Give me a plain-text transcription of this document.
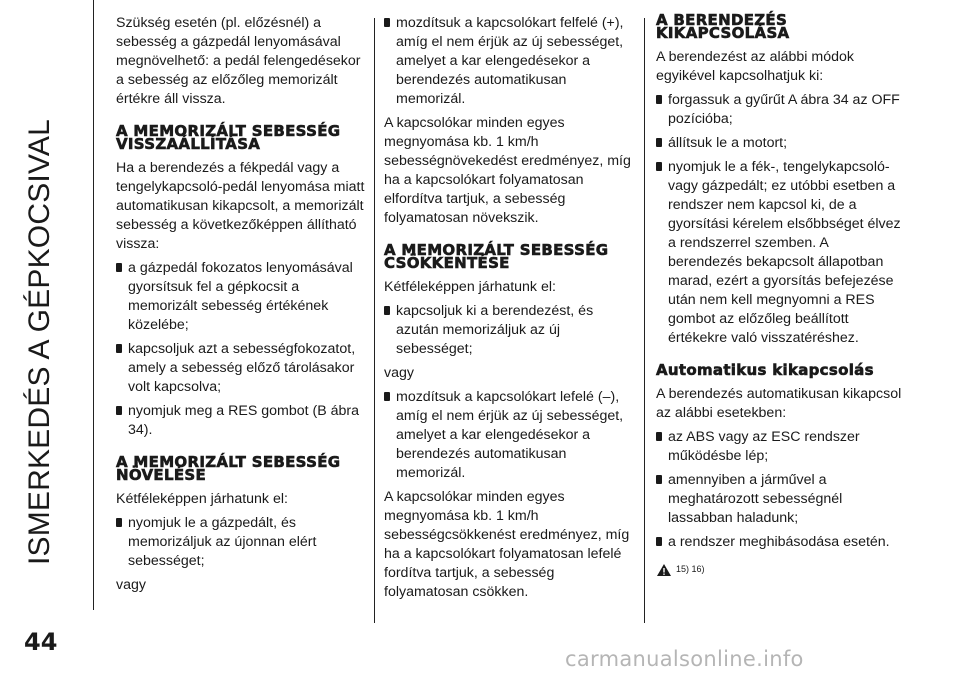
ISMERKEDÉS A GÉPKOCSIVAL
44
carmanualsonline.info

Szükség esetén (pl. előzésnél) a sebesség a gázpedál lenyomásával megnövelhető: a pedál felengedésekor a sebesség az előzőleg memorizált értékre áll vissza.

A MEMORIZÁLT SEBESSÉG VISSZAÁLLÍTÁSA

Ha a berendezés a fékpedál vagy a tengelykapcsoló-pedál lenyomása miatt automatikusan kikapcsolt, a memorizált sebesség a következőképpen állítható vissza:

a gázpedál fokozatos lenyomásával gyorsítsuk fel a gépkocsit a memorizált sebesség értékének közelébe;
kapcsoljuk azt a sebességfokozatot, amely a sebesség előző tárolásakor volt kapcsolva;
nyomjuk meg a RES gombot (B ábra 34).
A MEMORIZÁLT SEBESSÉG NÖVELÉSE

Kétféleképpen járhatunk el:

nyomjuk le a gázpedált, és memorizáljuk az újonnan elért sebességet;

vagy

mozdítsuk a kapcsolókart felfelé (+), amíg el nem érjük az új sebességet, amelyet a kar elengedésekor a berendezés automatikusan memorizál.

A kapcsolókar minden egyes megnyomása kb. 1 km/h sebességnövekedést eredményez, míg ha a kapcsolókart folyamatosan elfordítva tartjuk, a sebesség folyamatosan növekszik.

A MEMORIZÁLT SEBESSÉG CSÖKKENTÉSE

Kétféleképpen járhatunk el:

kapcsoljuk ki a berendezést, és azután memorizáljuk az új sebességet;

vagy

mozdítsuk a kapcsolókart lefelé (–), amíg el nem érjük az új sebességet, amelyet a kar elengedésekor a berendezés automatikusan memorizál.

A kapcsolókar minden egyes megnyomása kb. 1 km/h sebességcsökkenést eredményez, míg ha a kapcsolókart folyamatosan lefelé fordítva tartjuk, a sebesség folyamatosan csökken.

A BERENDEZÉS KIKAPCSOLÁSA

A berendezést az alábbi módok egyikével kapcsolhatjuk ki:

forgassuk a gyűrűt A ábra 34 az OFF pozícióba;
állítsuk le a motort;
nyomjuk le a fék-, tengelykapcsoló- vagy gázpedált; ez utóbbi esetben a rendszer nem kapcsol ki, de a gyorsítási kérelem elsőbbséget élvez a rendszerrel szemben. A berendezés bekapcsolt állapotban marad, ezért a gyorsítás befejezése után nem kell megnyomni a RES gombot az előzőleg beállított értékekre való visszatéréshez.
Automatikus kikapcsolás

A berendezés automatikusan kikapcsol az alábbi esetekben:

az ABS vagy az ESC rendszer működésbe lép;
amennyiben a járművel a meghatározott sebességnél lassabban haladunk;
a rendszer meghibásodása esetén.
15) 16)
